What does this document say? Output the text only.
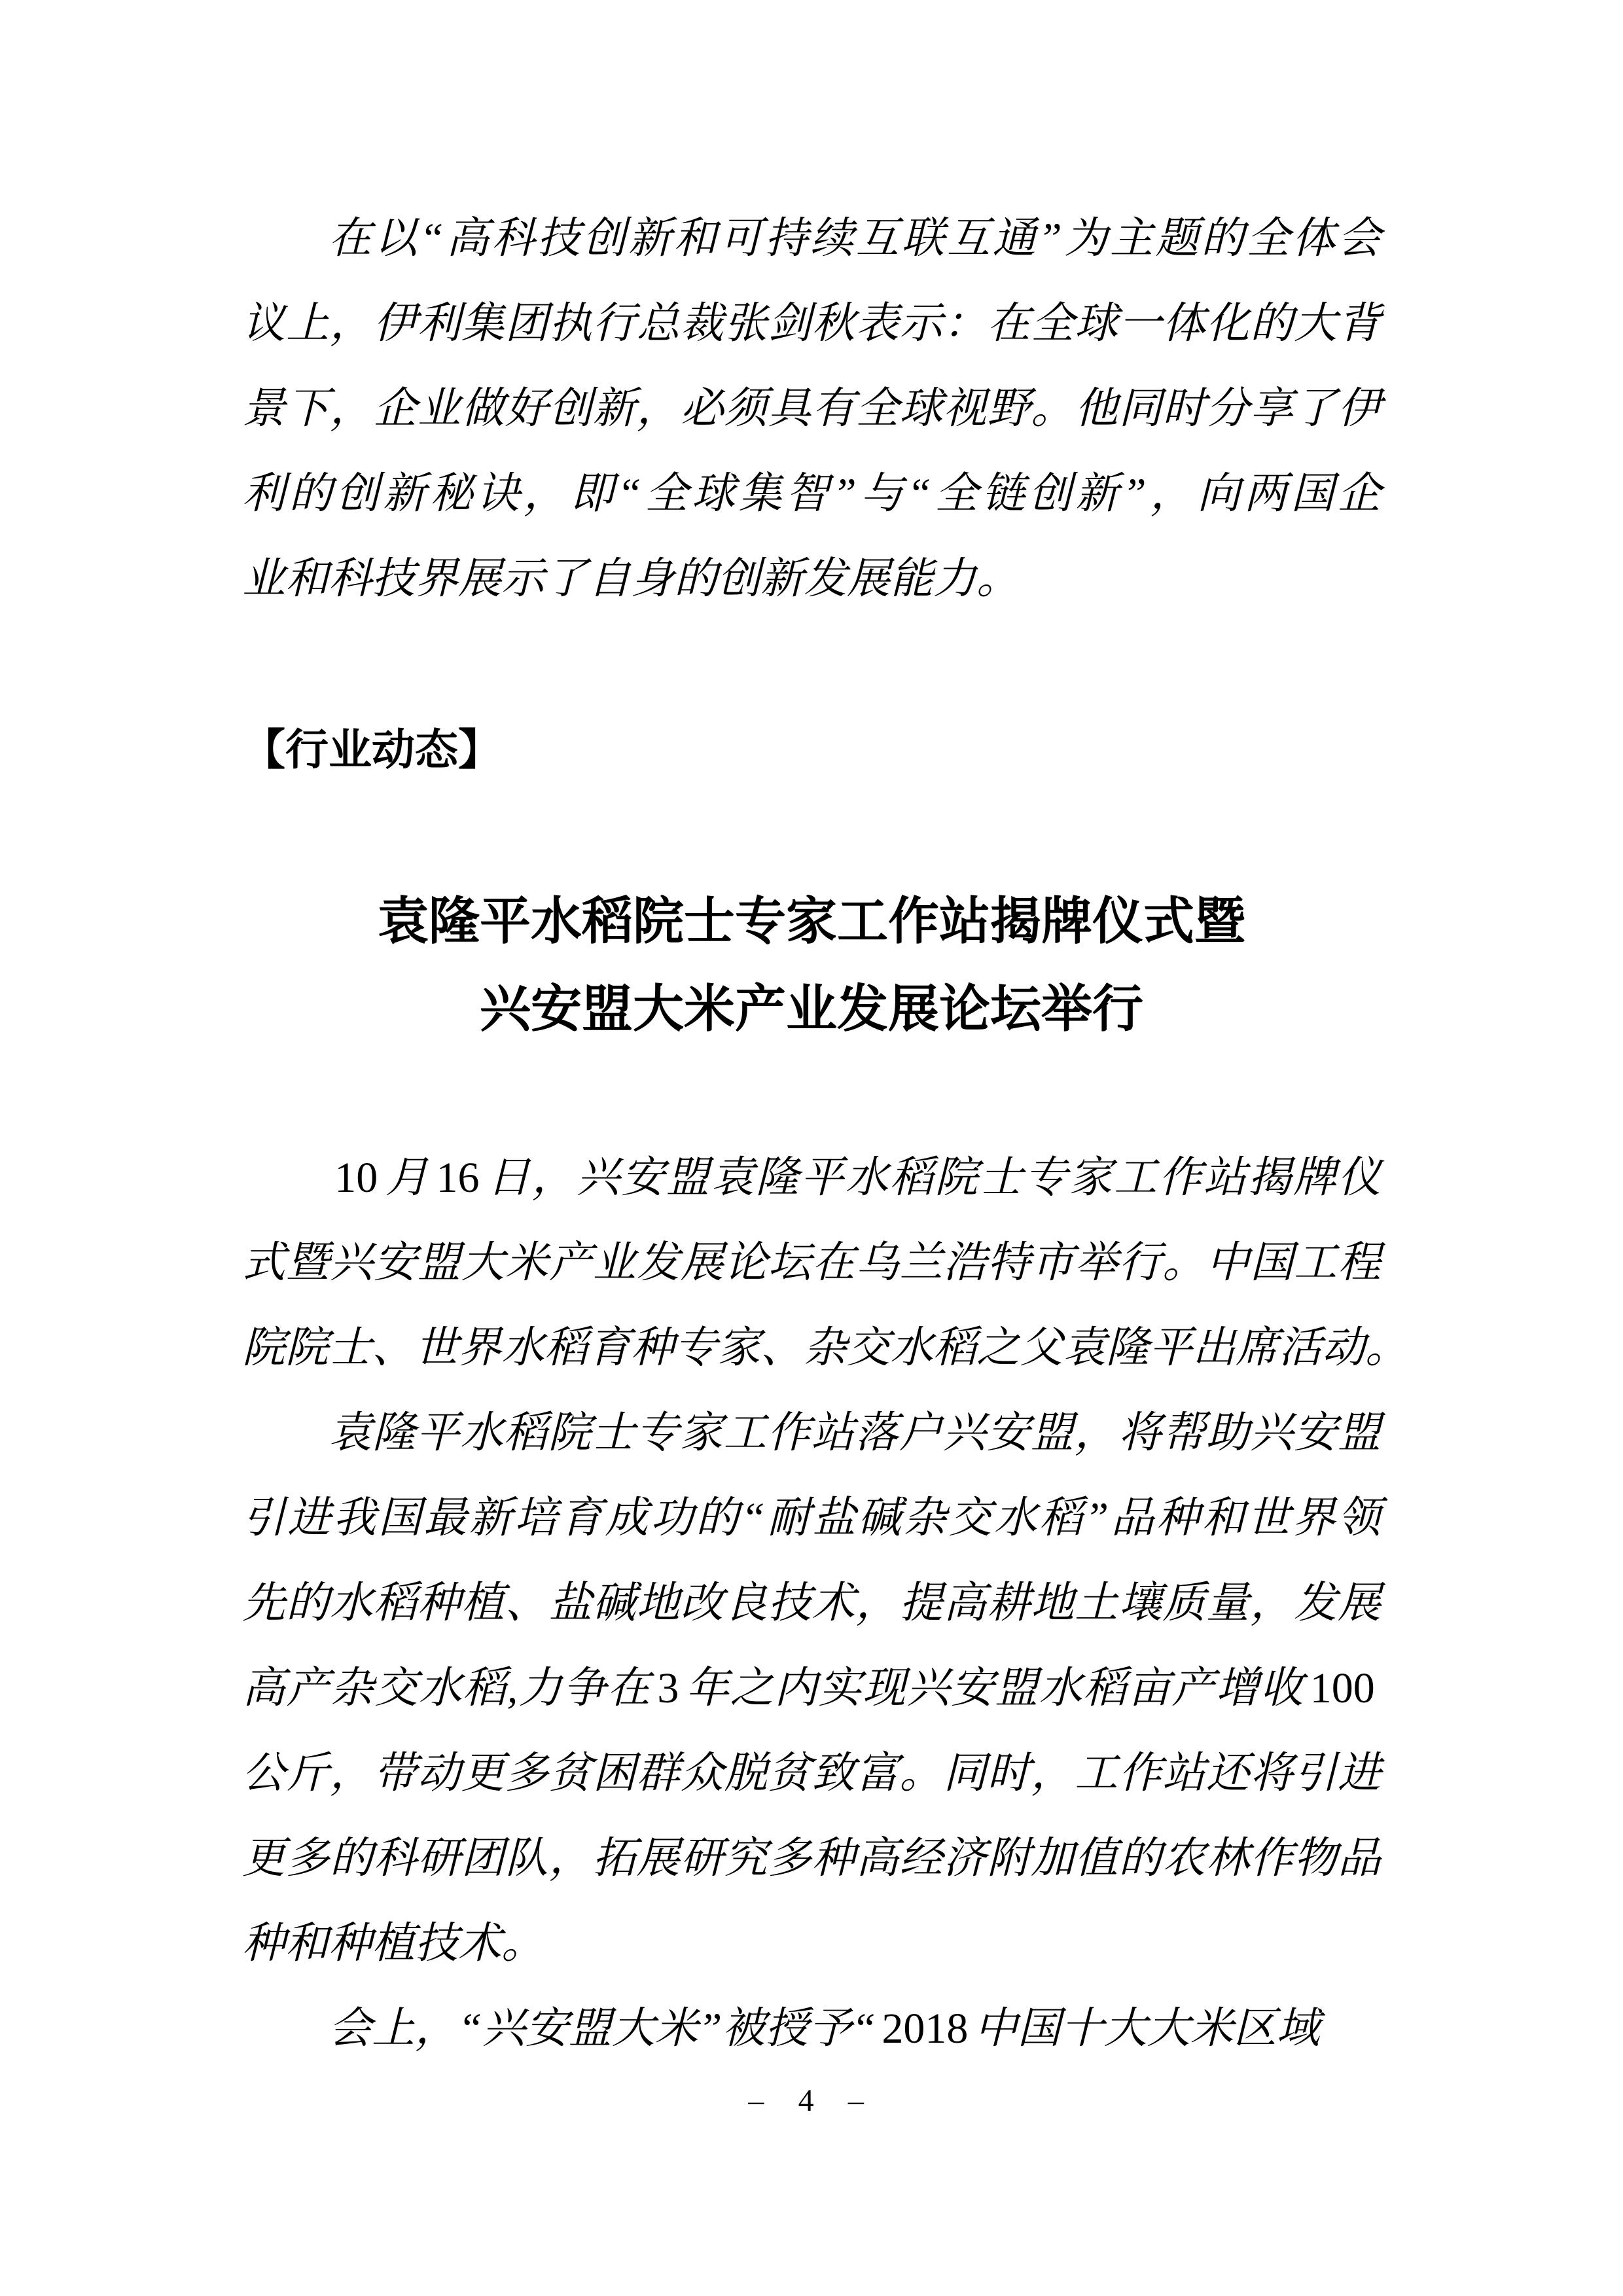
在以“高科技创新和可持续互联互通”为主题的全体会
议上，伊利集团执行总裁张剑秋表示：在全球一体化的大背
景下，企业做好创新，必须具有全球视野。他同时分享了伊
利的创新秘诀，即“全球集智”与“全链创新”，向两国企
业和科技界展示了自身的创新发展能力。
【行业动态】
袁隆平水稻院士专家工作站揭牌仪式暨
兴安盟大米产业发展论坛举行
10 月 16 日，兴安盟袁隆平水稻院士专家工作站揭牌仪
式暨兴安盟大米产业发展论坛在乌兰浩特市举行。中国工程
院院士、世界水稻育种专家、杂交水稻之父袁隆平出席活动。
袁隆平水稻院士专家工作站落户兴安盟，将帮助兴安盟
引进我国最新培育成功的“耐盐碱杂交水稻”品种和世界领
先的水稻种植、盐碱地改良技术，提高耕地土壤质量，发展
高产杂交水稻,力争在 3 年之内实现兴安盟水稻亩产增收 100
公斤，带动更多贫困群众脱贫致富。同时，工作站还将引进
更多的科研团队，拓展研究多种高经济附加值的农林作物品
种和种植技术。
会上，“兴安盟大米”被授予“ 2018 中国十大大米区域
– 4 –
